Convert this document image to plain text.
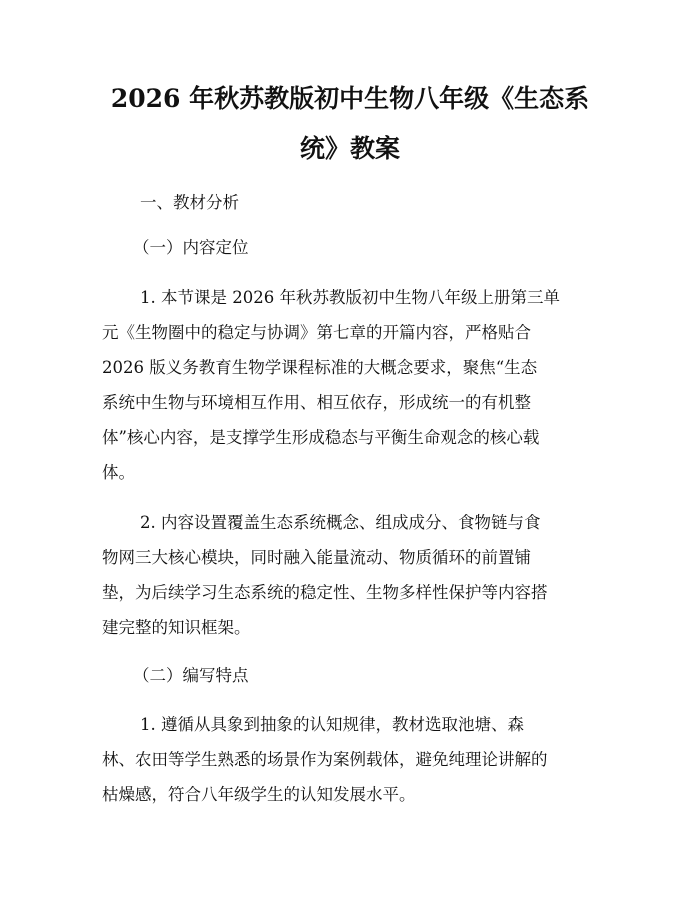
2026 年秋苏教版初中生物八年级《生态系
统》教案
一、教材分析
（一）内容定位
1. 本节课是 2026 年秋苏教版初中生物八年级上册第三单
元《生物圈中的稳定与协调》第七章的开篇内容，严格贴合
2026 版义务教育生物学课程标准的大概念要求，聚焦“生态
系统中生物与环境相互作用、相互依存，形成统一的有机整
体”核心内容，是支撑学生形成稳态与平衡生命观念的核心载
体。
2. 内容设置覆盖生态系统概念、组成成分、食物链与食
物网三大核心模块，同时融入能量流动、物质循环的前置铺
垫，为后续学习生态系统的稳定性、生物多样性保护等内容搭
建完整的知识框架。
（二）编写特点
1. 遵循从具象到抽象的认知规律，教材选取池塘、森
林、农田等学生熟悉的场景作为案例载体，避免纯理论讲解的
枯燥感，符合八年级学生的认知发展水平。
